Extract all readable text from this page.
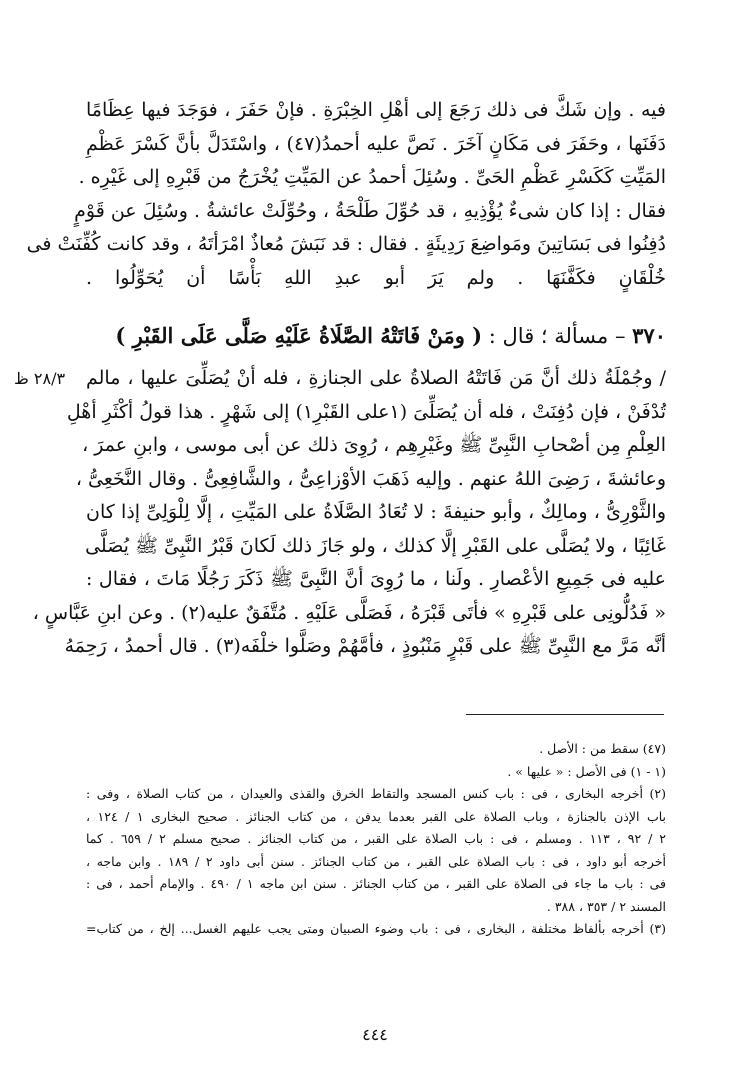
فيه . وإن شَكَّ فى ذلك رَجَعَ إلى أهْلِ الخِبْرَةِ . فإنْ حَفَرَ ، فوَجَدَ فيها عِظَامًا
دَفَنَها ، وحَفَرَ فى مَكَانٍ آخَرَ . نَصَّ عليه أحمدُ(٤٧) ، واسْتَدَلَّ بأنَّ كَسْرَ عَظْمِ
المَيِّتِ كَكَسْرِ عَظْمِ الحَىِّ . وسُئِلَ أحمدُ عن المَيِّتِ يُخْرَجُ من قَبْرِهِ إلى غَيْرِه .
فقال : إذا كان شىءٌ يُؤْذِيهِ ، قد حُوِّلَ طَلْحَةُ ، وحُوِّلَتْ عائشةُ . وسُئِلَ عن قَوْمٍ
دُفِنُوا فى بَسَاتِينَ ومَواضِعَ رَدِيئَةٍ . فقال : قد نَبَشَ مُعاذٌ امْرَأتَهُ ، وقد كانت كُفِّنَتْ فى
خُلْقَانٍ فكَفَّنَهَا . ولم يَرَ أبو عبدِ اللهِ بَأْسًا أن يُحَوِّلُوا .
٣٧٠ – مسألة ؛ قال : ( ومَنْ فَاتَتْهُ الصَّلَاةُ عَلَيْهِ صَلَّى عَلَى القَبْرِ )
٢٨/٣ ظ / وجُمْلَةُ ذلك أنَّ مَن فَاتَتْهُ الصلاةُ على الجنازةِ ، فله أنْ يُصَلِّىَ عليها ، مالم
تُدْفَنْ ، فإن دُفِنَتْ ، فله أن يُصَلِّىَ (١على القَبْرِ١) إلى شَهْرٍ . هذا قولُ أكْثَرِ أهْلِ
العِلْمِ مِن أصْحابِ النَّبِىِّ ﷺ وغَيْرِهِم ، رُوِىَ ذلك عن أبى موسى ، وابنِ عمرَ ،
وعائشةَ ، رَضِىَ اللهُ عنهم . وإليه ذَهَبَ الأوْزاعِىُّ ، والشَّافِعِىُّ . وقال النَّخَعِىُّ ،
والثَّوْرِىُّ ، ومالِكٌ ، وأبو حنيفةَ : لا تُعَادُ الصَّلَاةُ على المَيِّتِ ، إلَّا لِلْوَلِىِّ إذا كان
غَائِبًا ، ولا يُصَلَّى على القَبْرِ إلَّا كذلك ، ولو جَازَ ذلك لَكانَ قَبْرُ النَّبِىِّ ﷺ يُصَلَّى
عليه فى جَمِيعِ الأعْصارِ . ولَنا ، ما رُوِىَ أنَّ النَّبِىَّ ﷺ ذَكَرَ رَجُلًا مَاتَ ، فقال :
« فَدُلُّونِى على قَبْرِهِ » فأتَى قَبْرَهُ ، فَصَلَّى عَلَيْهِ . مُتَّفَقٌ عليه(٢) . وعن ابنِ عَبَّاسٍ ،
أنَّه مَرَّ مع النَّبِىِّ ﷺ على قَبْرٍ مَنْبُوذٍ ، فأمَّهُمْ وصَلَّوا خلْفَه(٣) . قال أحمدُ ، رَحِمَهُ
(٤٧) سقط من : الأصل .
(١ - ١) فى الأصل : « عليها » .
(٢) أخرجه البخارى ، فى : باب كنس المسجد والتقاط الخرق والقذى والعيدان ، من كتاب الصلاة ، وفى :
باب الإذن بالجنازة ، وباب الصلاة على القبر بعدما يدفن ، من كتاب الجنائز . صحيح البخارى ١ / ١٢٤ ،
٢ / ٩٢ ، ١١٣ . ومسلم ، فى : باب الصلاة على القبر ، من كتاب الجنائز . صحيح مسلم ٢ / ٦٥٩ . كما
أخرجه أبو داود ، فى : باب الصلاة على القبر ، من كتاب الجنائز . سنن أبى داود ٢ / ١٨٩ . وابن ماجه ،
فى : باب ما جاء فى الصلاة على القبر ، من كتاب الجنائز . سنن ابن ماجه ١ / ٤٩٠ . والإمام أحمد ، فى :
المسند ٢ / ٣٥٣ ، ٣٨٨ .
(٣) أخرجه بألفاظ مختلفة ، البخارى ، فى : باب وضوء الصبيان ومتى يجب عليهم الغسل... إلخ ، من كتاب=
٤٤٤
